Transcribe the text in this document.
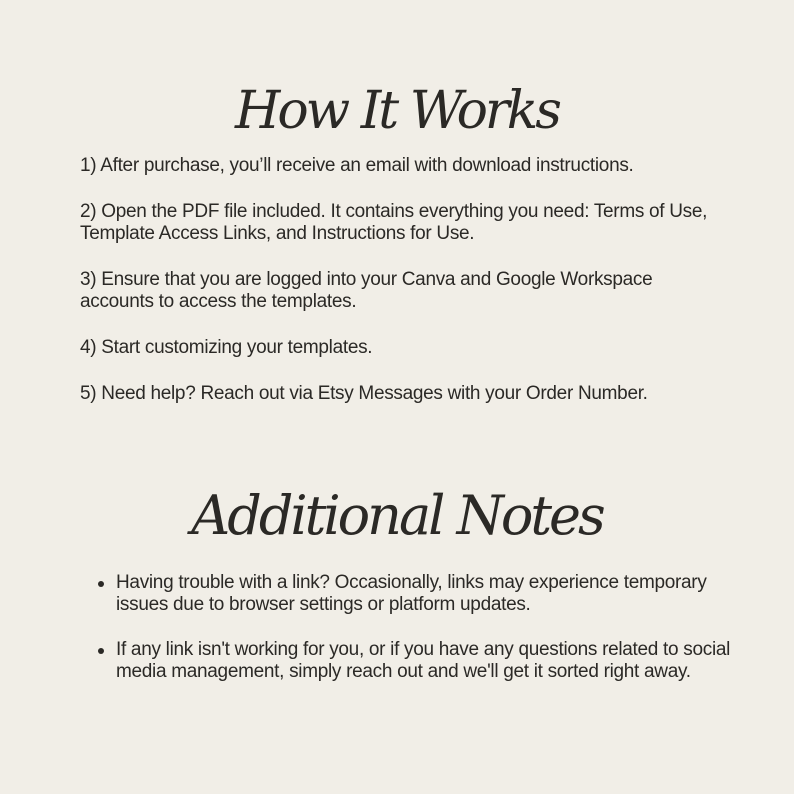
How It Works
1) After purchase, you’ll receive an email with download instructions.
2) Open the PDF file included. It contains everything you need: Terms of Use, Template Access Links, and Instructions for Use.
3) Ensure that you are logged into your Canva and Google Workspace accounts to access the templates.
4) Start customizing your templates.
5) Need help? Reach out via Etsy Messages with your Order Number.
Additional Notes
Having trouble with a link? Occasionally, links may experience temporary issues due to browser settings or platform updates.
If any link isn't working for you, or if you have any questions related to social media management, simply reach out and we'll get it sorted right away.
